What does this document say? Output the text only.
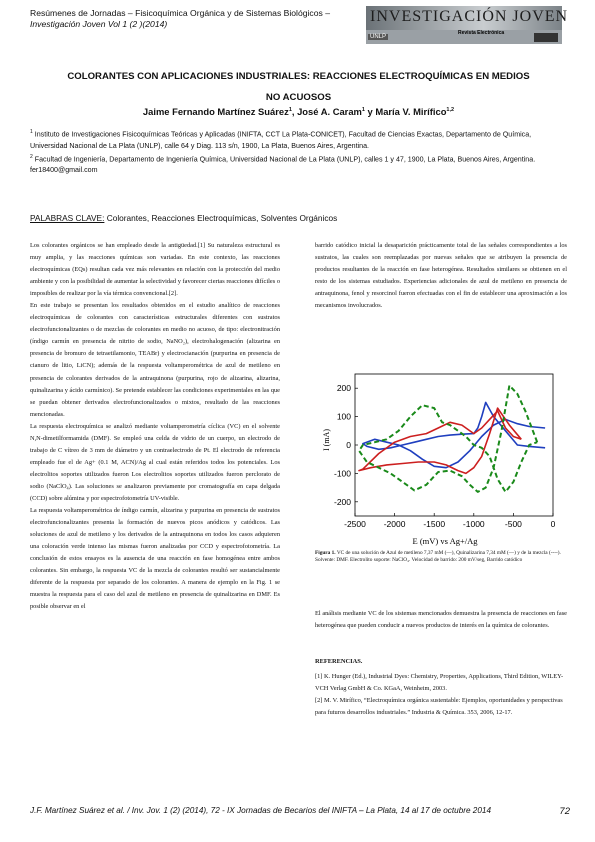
Resúmenes de Jornadas – Fisicoquímica Orgánica y de Sistemas Biológicos –
Investigación Joven Vol 1 (2 )(2014)	INVESTIGACIÓN JOVEN
Revista Electrónica
UNLP
COLORANTES CON APLICACIONES INDUSTRIALES: REACCIONES ELECTROQUÍMICAS EN MEDIOS
NO ACUOSOS
Jaime Fernando Martínez Suárez$^1$, José A. Caram$^1$ y María V. Mirífico$^{1,2}$
$^1$ Instituto de Investigaciones Fisicoquímicas Teóricas y Aplicadas (INIFTA, CCT La Plata-CONICET), Facultad de Ciencias Exactas, Departamento de Química, Universidad Nacional de La Plata (UNLP), calle 64 y Diag. 113 s/n, 1900, La Plata, Buenos Aires, Argentina.
$^2$ Facultad de Ingeniería, Departamento de Ingeniería Química, Universidad Nacional de La Plata (UNLP), calles 1 y 47, 1900, La Plata, Buenos Aires, Argentina.
fer18400@gmail.com
PALABRAS CLAVE: Colorantes, Reacciones Electroquímicas, Solventes Orgánicos

Los colorantes orgánicos se han empleado desde la antigüedad.[1] Su naturaleza estructural es muy amplia, y las reacciones químicas son variadas. En este contexto, las reacciones electroquímicas (EQs) resultan cada vez más relevantes en relación con la protección del medio ambiente y con la posibilidad de aumentar la selectividad y favorecer ciertas reacciones difíciles o imposibles de realizar por la vía térmica convencional.[2].

En este trabajo se presentan los resultados obtenidos en el estudio analítico de reacciones electroquímicas de colorantes con características estructurales diferentes con sustratos electrofuncionalizantes o de mezclas de colorantes en medio no acuoso, de tipo: electronitración (índigo carmín en presencia de nitrito de sodio, NaNO₂), electrohalogenación (alizarina en presencia de bromuro de tetraetilamonio, TEABr) y electrocianación (purpurina en presencia de cianuro de litio, LiCN); además de la respuesta voltamperométrica de azul de metileno en presencia de colorantes derivados de la antraquinona (purpurina, rojo de alizarina, alizarina, quinalizarina y ácido carmínico). Se pretende establecer las condiciones experimentales en las que se puedan obtener derivados electrofuncionalizados o mixtos, resultado de las reacciones mencionadas.

La respuesta electroquímica se analizó mediante voltamperometría cíclica (VC) en el solvente N,N-dimetilformamida (DMF). Se empleó una celda de vidrio de un cuerpo, un electrodo de trabajo de C vítreo de 3 mm de diámetro y un contraelectrodo de Pt. El electrodo de referencia empleado fue el de Ag+ (0.1 M, ACN)/Ag al cual están referidos todos los potenciales. Los electrolitos soportes utilizados fueron Los electrolitos soportes utilizados fueron perclorato de sodio (NaClO₄). Las soluciones se analizaron previamente por cromatografía en capa delgada (CCD) sobre alúmina y por espectrofotometría UV-visible.

La respuesta voltamperométrica de índigo carmín, alizarina y purpurina en presencia de sustratos electrofuncionalizantes presenta la formación de nuevos picos anódicos y catódicos. Las soluciones de azul de metileno y los derivados de la antraquinona en todos los casos adquieren una coloración verde intenso las mismas fueron analizadas por CCD y espectrofotometría. La conclusión de estos ensayos es la ausencia de una reacción en fase homogénea entre ambos colorantes. Sin embargo, la respuesta VC de la mezcla de colorantes resultó ser sustancialmente diferente de la respuesta por separado de los colorantes. A manera de ejemplo en la Fig. 1 se muestra la respuesta para el caso del azul de metileno en presencia de quinalizarina en DMF. Es posible observar en el

barrido catódico inicial la desaparición prácticamente total de las señales correspondientes a los sustratos, las cuales son reemplazadas por nuevas señales que se atribuyen la presencia de productos resultantes de la reacción en fase heterogénea. Resultados similares se obtienen en el resto de los sistemas estudiados. Experiencias adicionales de azul de metileno en presencia de antraquinona, fenol y resorcinol fueron efectuadas con el fin de establecer una aproximación a los mecanismos involucrados.

-2500 -2000 -1500 -1000 -500	0
200
100
0
-100
-200
E (mV) vs Ag+/Ag
I (mA)
Figura 1. VC de una solución de Azul de metileno 7,37 mM (—), Quinalizarina 7,34 mM (—) y de la mezcla (----). Solvente: DMF. Electrolito soporte: NaClO₄. Velocidad de barrido: 200 mV/seg, Barrido catódico

El análisis mediante VC de los sistemas mencionados demuestra la presencia de reacciones en fase heterogénea que pueden conducir a nuevos productos de interés en la química de colorantes.

REFERENCIAS.

[1] K. Hunger (Ed.), Industrial Dyes: Chemistry, Properties, Applications, Third Edition, WILEY-VCH Verlag GmbH & Co. KGaA, Weinheim, 2003.

[2] M. V. Mirífico, “Electroquímica orgánica sustentable: Ejemplos, oportunidades y perspectivas para futuros desarrollos industriales.” Industria & Química. 353, 2006, 12-17.

J.F. Martínez Suárez et al. / Inv. Jov. 1 (2) (2014), 72 - IX Jornadas de Becarios del INIFTA – La Plata, 14 al 17 de octubre 2014	72
